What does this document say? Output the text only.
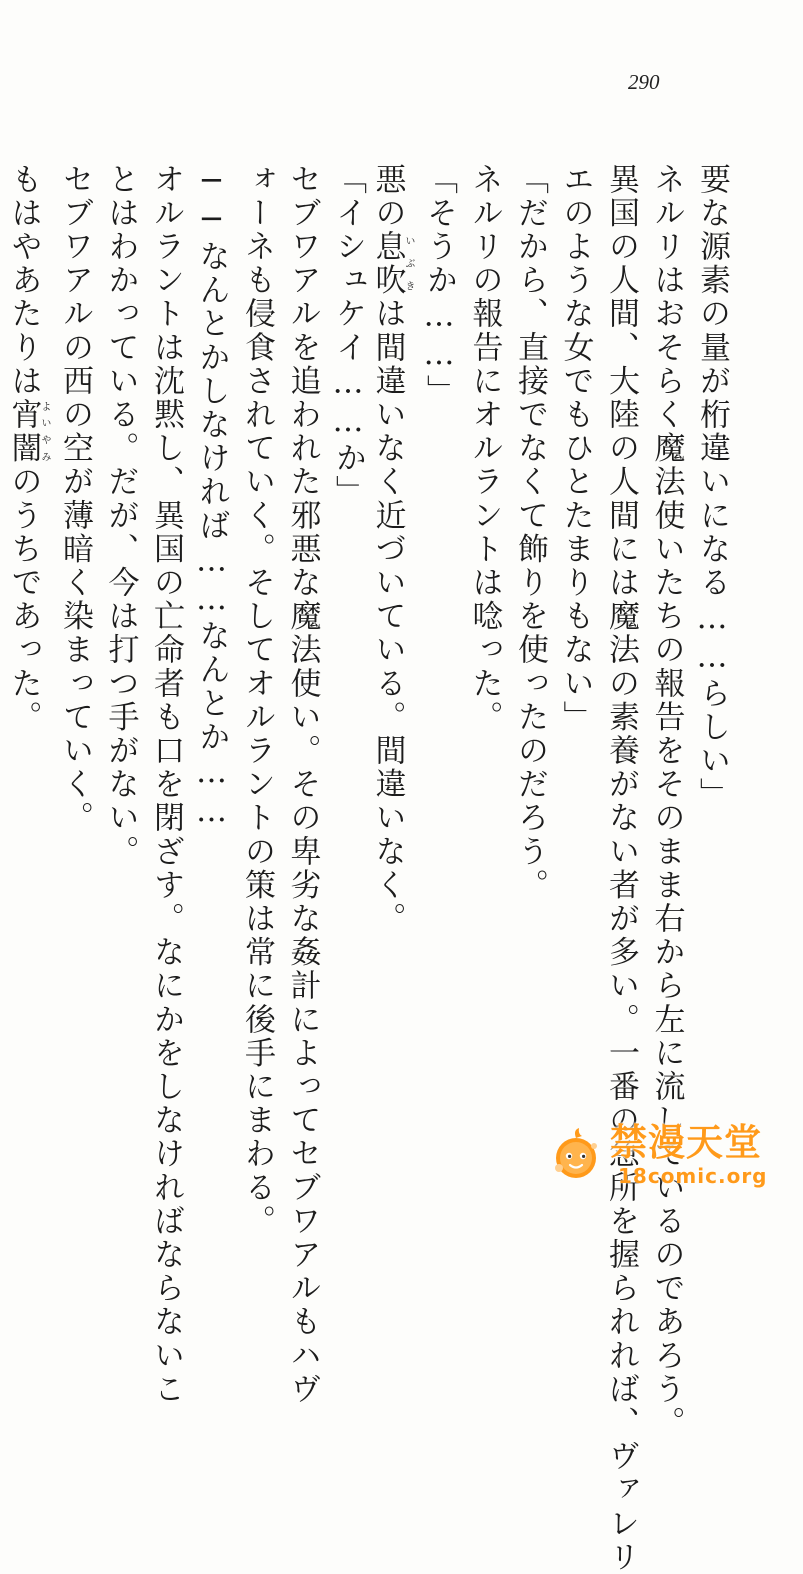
290
要な源素の量が桁違いになる……らしい」
ネルリはおそらく魔法使いたちの報告をそのまま右から左に流しているのであろう。
異国の人間、大陸の人間には魔法の素養がない者が多い。一番の急所を握られれば、ヴァレリ
エのような女でもひとたまりもない」
「だから、直接でなくて飾りを使ったのだろう。
ネルリの報告にオルラントは唸った。
「そうか……」
悪の息吹いぶきは間違いなく近づいている。間違いなく。
「イシュケイ……か」
セブワアルを追われた邪悪な魔法使い。その卑劣な姦計によってセブワアルもハヴ
ォーネも侵食されていく。そしてオルラントの策は常に後手にまわる。
──なんとかしなければ……なんとか……
オルラントは沈黙し、異国の亡命者も口を閉ざす。なにかをしなければならないこ
とはわかっている。だが、今は打つ手がない。
セブワアルの西の空が薄暗く染まっていく。
もはやあたりは宵闇よいやみのうちであった。
禁漫天堂
18comic.org
